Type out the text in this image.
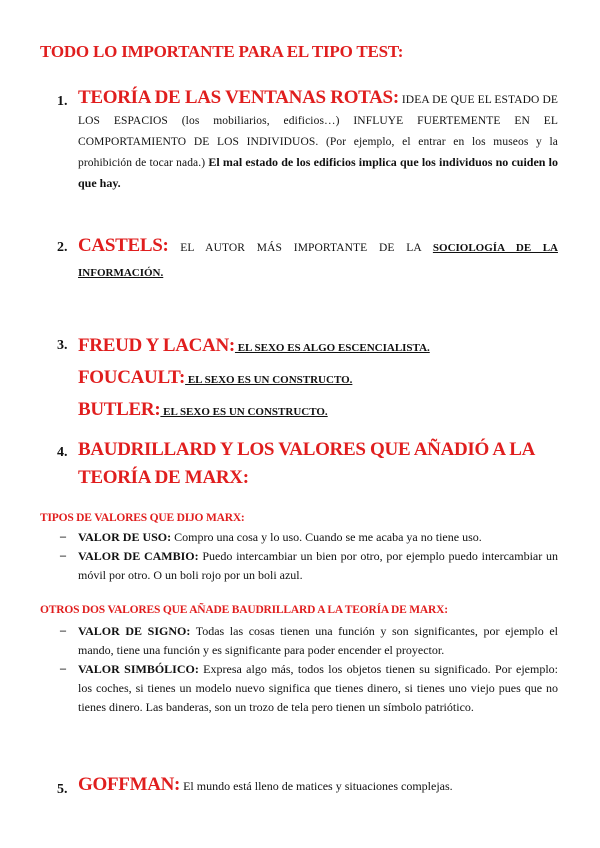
TODO LO IMPORTANTE PARA EL TIPO TEST:
1. TEORÍA DE LAS VENTANAS ROTAS: IDEA DE QUE EL ESTADO DE LOS ESPACIOS (los mobiliarios, edificios…) INFLUYE FUERTEMENTE EN EL COMPORTAMIENTO DE LOS INDIVIDUOS. (Por ejemplo, el entrar en los museos y la prohibición de tocar nada.) El mal estado de los edificios implica que los individuos no cuiden lo que hay.
2. CASTELS: EL AUTOR MÁS IMPORTANTE DE LA SOCIOLOGÍA DE LA INFORMACIÓN.
3. FREUD Y LACAN: EL SEXO ES ALGO ESCENCIALISTA.
FOUCAULT: EL SEXO ES UN CONSTRUCTO.
BUTLER: EL SEXO ES UN CONSTRUCTO.
4. BAUDRILLARD Y LOS VALORES QUE AÑADIÓ A LA TEORÍA DE MARX:
TIPOS DE VALORES QUE DIJO MARX:
– VALOR DE USO: Compro una cosa y lo uso. Cuando se me acaba ya no tiene uso.
– VALOR DE CAMBIO: Puedo intercambiar un bien por otro, por ejemplo puedo intercambiar un móvil por otro. O un boli rojo por un boli azul.
OTROS DOS VALORES QUE AÑADE BAUDRILLARD A LA TEORÍA DE MARX:
– VALOR DE SIGNO: Todas las cosas tienen una función y son significantes, por ejemplo el mando, tiene una función y es significante para poder encender el proyector.
– VALOR SIMBÓLICO: Expresa algo más, todos los objetos tienen su significado. Por ejemplo: los coches, si tienes un modelo nuevo significa que tienes dinero, si tienes uno viejo pues que no tienes dinero. Las banderas, son un trozo de tela pero tienen un símbolo patriótico.
5. GOFFMAN: El mundo está lleno de matices y situaciones complejas.
